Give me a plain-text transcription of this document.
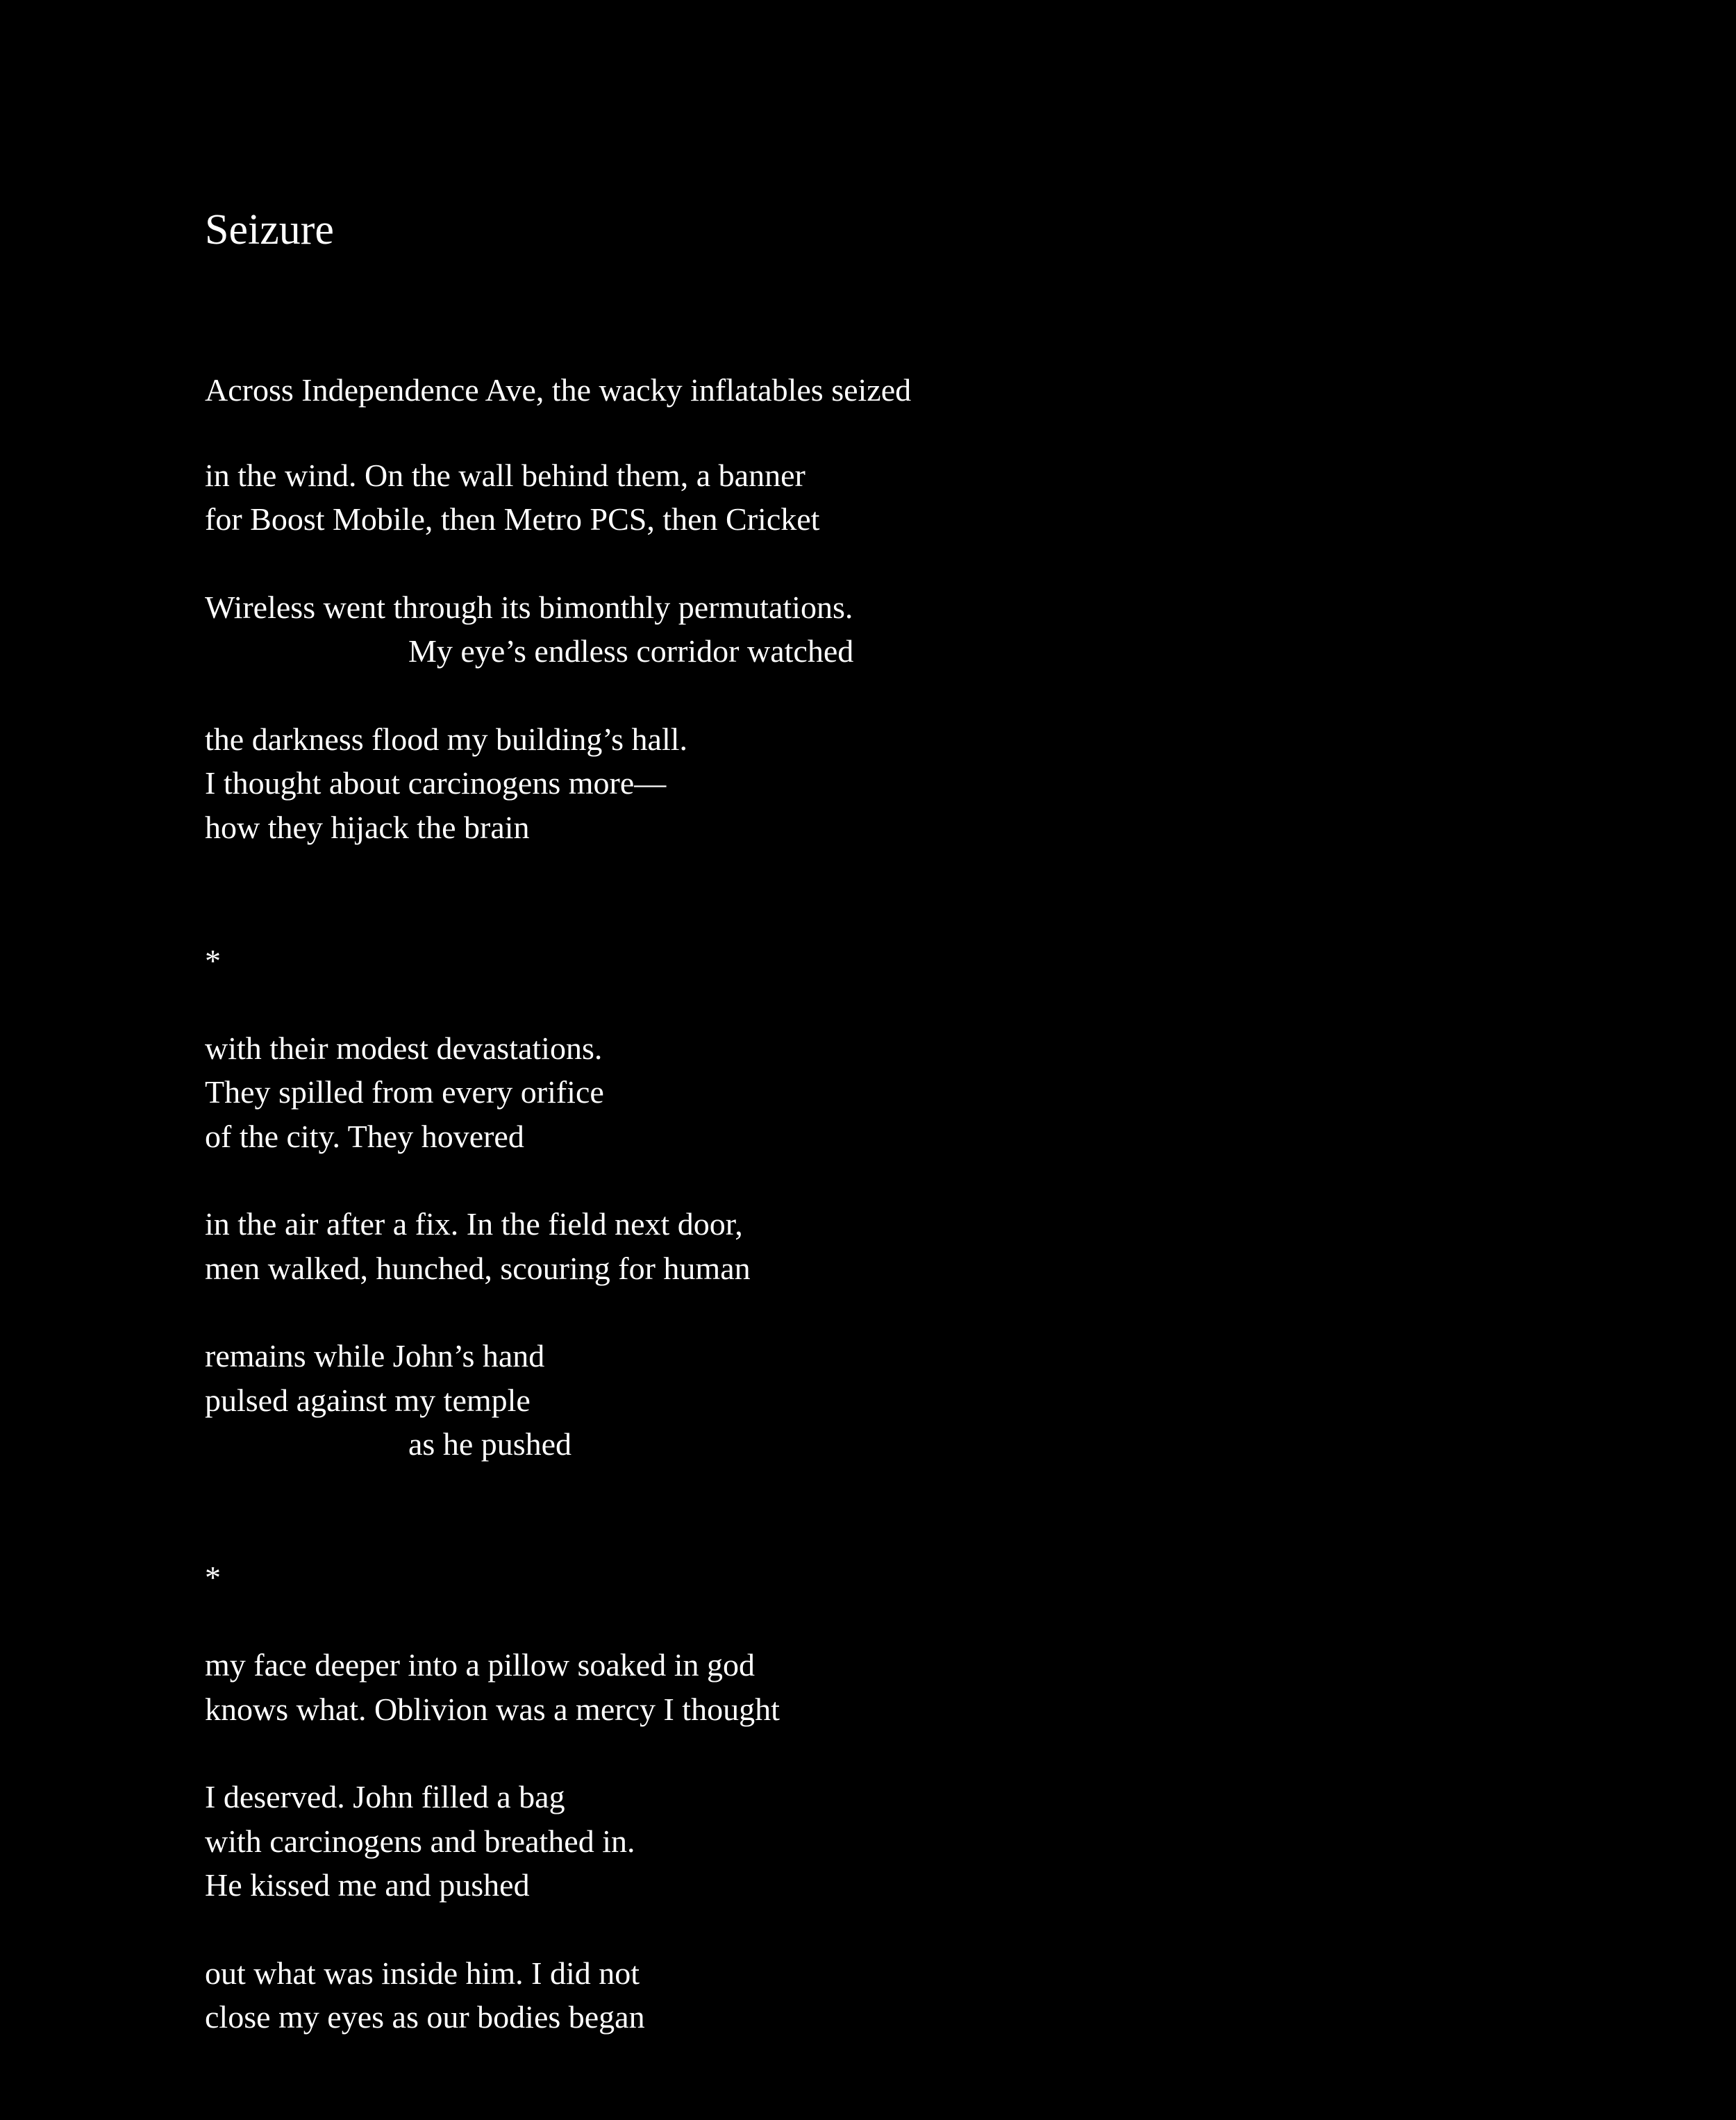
Seizure

Across Independence Ave, the wacky inflatables seized

in the wind. On the wall behind them, a banner

for Boost Mobile, then Metro PCS, then Cricket

Wireless went through its bimonthly permutations.

My eye’s endless corridor watched

the darkness flood my building’s hall.

I thought about carcinogens more—

how they hijack the brain

*

with their modest devastations.

They spilled from every orifice

of the city. They hovered

in the air after a fix. In the field next door,

men walked, hunched, scouring for human

remains while John’s hand

pulsed against my temple

as he pushed

*

my face deeper into a pillow soaked in god

knows what. Oblivion was a mercy I thought

I deserved. John filled a bag

with carcinogens and breathed in.

He kissed me and pushed

out what was inside him. I did not

close my eyes as our bodies began
